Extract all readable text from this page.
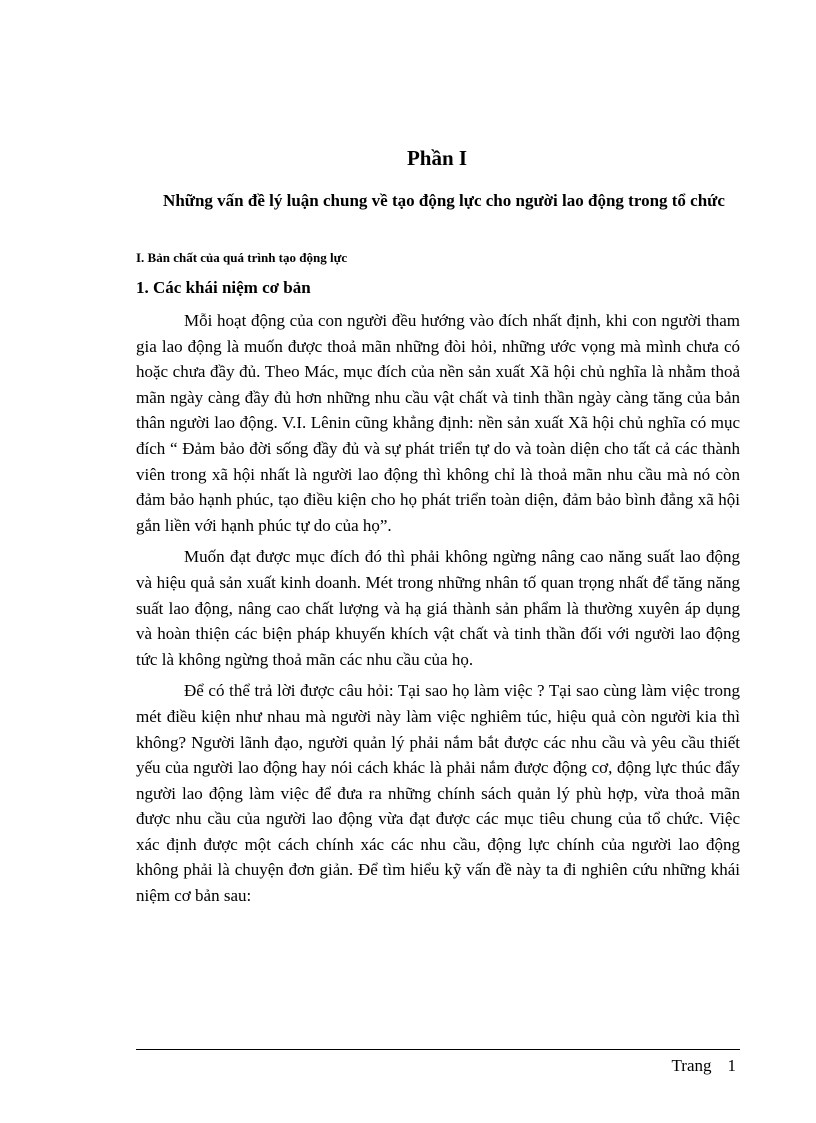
Phần I
Những vấn đề lý luận chung về tạo động lực cho người lao động trong tổ chức
I. Bản chất của quá trình tạo động lực
1. Các khái niệm cơ bản

Mỗi hoạt động của con người đều hướng vào đích nhất định, khi con người tham gia lao động là muốn được thoả mãn những đòi hỏi, những ước vọng mà mình chưa có hoặc chưa đầy đủ. Theo Mác, mục đích của nền sản xuất Xã hội chủ nghĩa là nhằm thoả mãn ngày càng đầy đủ hơn những nhu cầu vật chất và tinh thần ngày càng tăng của bản thân người lao động. V.I. Lênin cũng khẳng định: nền sản xuất Xã hội chủ nghĩa có mục đích “ Đảm bảo đời sống đầy đủ và sự phát triển tự do và toàn diện cho tất cả các thành viên trong xã hội nhất là người lao động thì không chỉ là thoả mãn nhu cầu mà nó còn đảm bảo hạnh phúc, tạo điều kiện cho họ phát triển toàn diện, đảm bảo bình đẳng xã hội gắn liền với hạnh phúc tự do của họ”.

Muốn đạt được mục đích đó thì phải không ngừng nâng cao năng suất lao động và hiệu quả sản xuất kinh doanh. Mét trong những nhân tố quan trọng nhất để tăng năng suất lao động, nâng cao chất lượng và hạ giá thành sản phẩm là thường xuyên áp dụng và hoàn thiện các biện pháp khuyến khích vật chất và tinh thần đối với người lao động tức là không ngừng thoả mãn các nhu cầu của họ.

Để có thể trả lời được câu hỏi: Tại sao họ làm việc ? Tại sao cùng làm việc trong mét điều kiện như nhau mà người này làm việc nghiêm túc, hiệu quả còn người kia thì không? Người lãnh đạo, người quản lý phải nắm bắt được các nhu cầu và yêu cầu thiết yếu của người lao động hay nói cách khác là phải nắm được động cơ, động lực thúc đẩy người lao động làm việc để đưa ra những chính sách quản lý phù hợp, vừa thoả mãn được nhu cầu của người lao động vừa đạt được các mục tiêu chung của tổ chức. Việc xác định được một cách chính xác các nhu cầu, động lực chính của người lao động không phải là chuyện đơn giản. Để tìm hiểu kỹ vấn đề này ta đi nghiên cứu những khái niệm cơ bản sau:

Trang 1
